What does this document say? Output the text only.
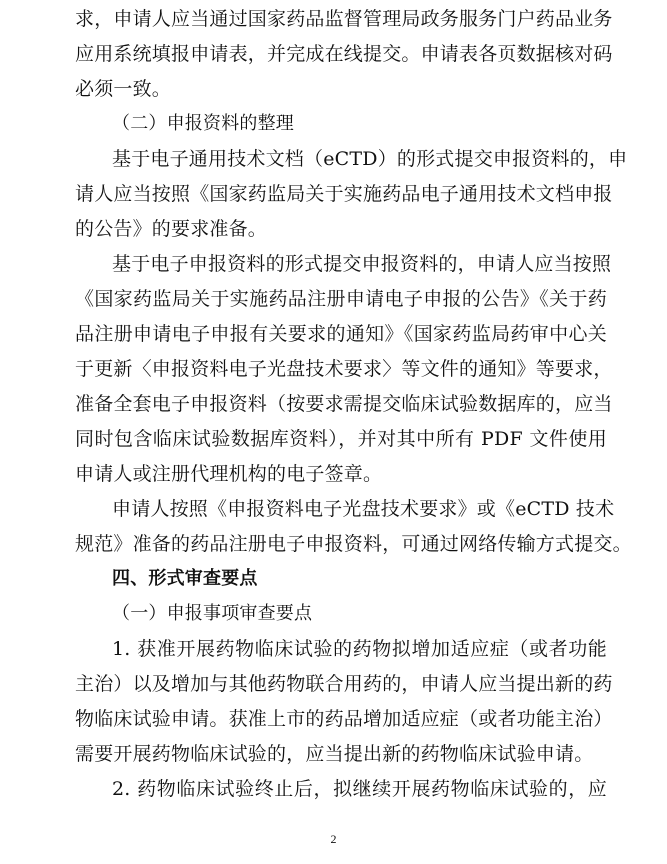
求，申请人应当通过国家药品监督管理局政务服务门户药品业务

应用系统填报申请表，并完成在线提交。申请表各页数据核对码

必须一致。

（二）申报资料的整理

基于电子通用技术文档（eCTD）的形式提交申报资料的，申

请人应当按照《国家药监局关于实施药品电子通用技术文档申报

的公告》的要求准备。

基于电子申报资料的形式提交申报资料的，申请人应当按照

《国家药监局关于实施药品注册申请电子申报的公告》《关于药

品注册申请电子申报有关要求的通知》《国家药监局药审中心关

于更新〈申报资料电子光盘技术要求〉等文件的通知》等要求，

准备全套电子申报资料（按要求需提交临床试验数据库的，应当

同时包含临床试验数据库资料），并对其中所有 PDF 文件使用

申请人或注册代理机构的电子签章。

申请人按照《申报资料电子光盘技术要求》或《eCTD 技术

规范》准备的药品注册电子申报资料，可通过网络传输方式提交。

四、形式审查要点

（一）申报事项审查要点

1. 获准开展药物临床试验的药物拟增加适应症（或者功能

主治）以及增加与其他药物联合用药的，申请人应当提出新的药

物临床试验申请。获准上市的药品增加适应症（或者功能主治）

需要开展药物临床试验的，应当提出新的药物临床试验申请。

2. 药物临床试验终止后，拟继续开展药物临床试验的，应

2
